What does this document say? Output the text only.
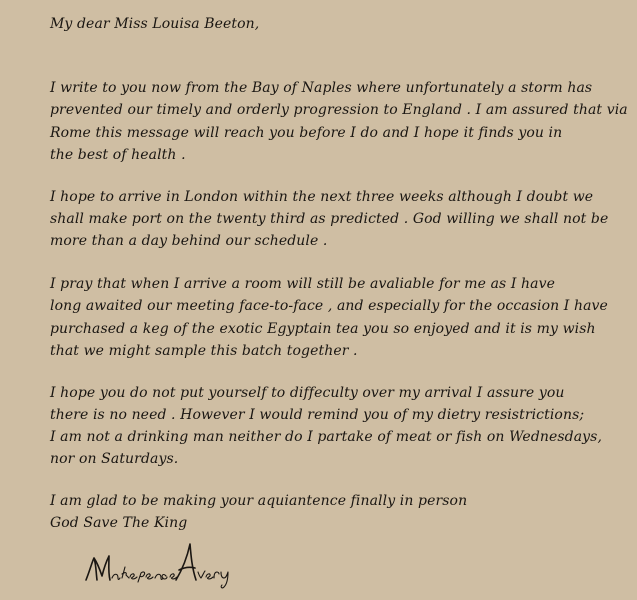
My dear Miss Louisa Beeton,
I write to you now from the Bay of Naples where unfortunately a storm has
prevented our timely and orderly progression to England . I am assured that via
Rome this message will reach you before I do and I hope it finds you in
the best of health .
I hope to arrive in London within the next three weeks although I doubt we
shall make port on the twenty third as predicted . God willing we shall not be
more than a day behind our schedule .
I pray that when I arrive a room will still be avaliable for me as I have
long awaited our meeting face-to-face , and especially for the occasion I have
purchased a keg of the exotic Egyptain tea you so enjoyed and it is my wish
that we might sample this batch together .
I hope you do not put yourself to diffeculty over my arrival I assure you
there is no need . However I would remind you of my dietry resistrictions;
I am not a drinking man neither do I partake of meat or fish on Wednesdays,
nor on Saturdays.
I am glad to be making your aquiantence finally in person
God Save The King
